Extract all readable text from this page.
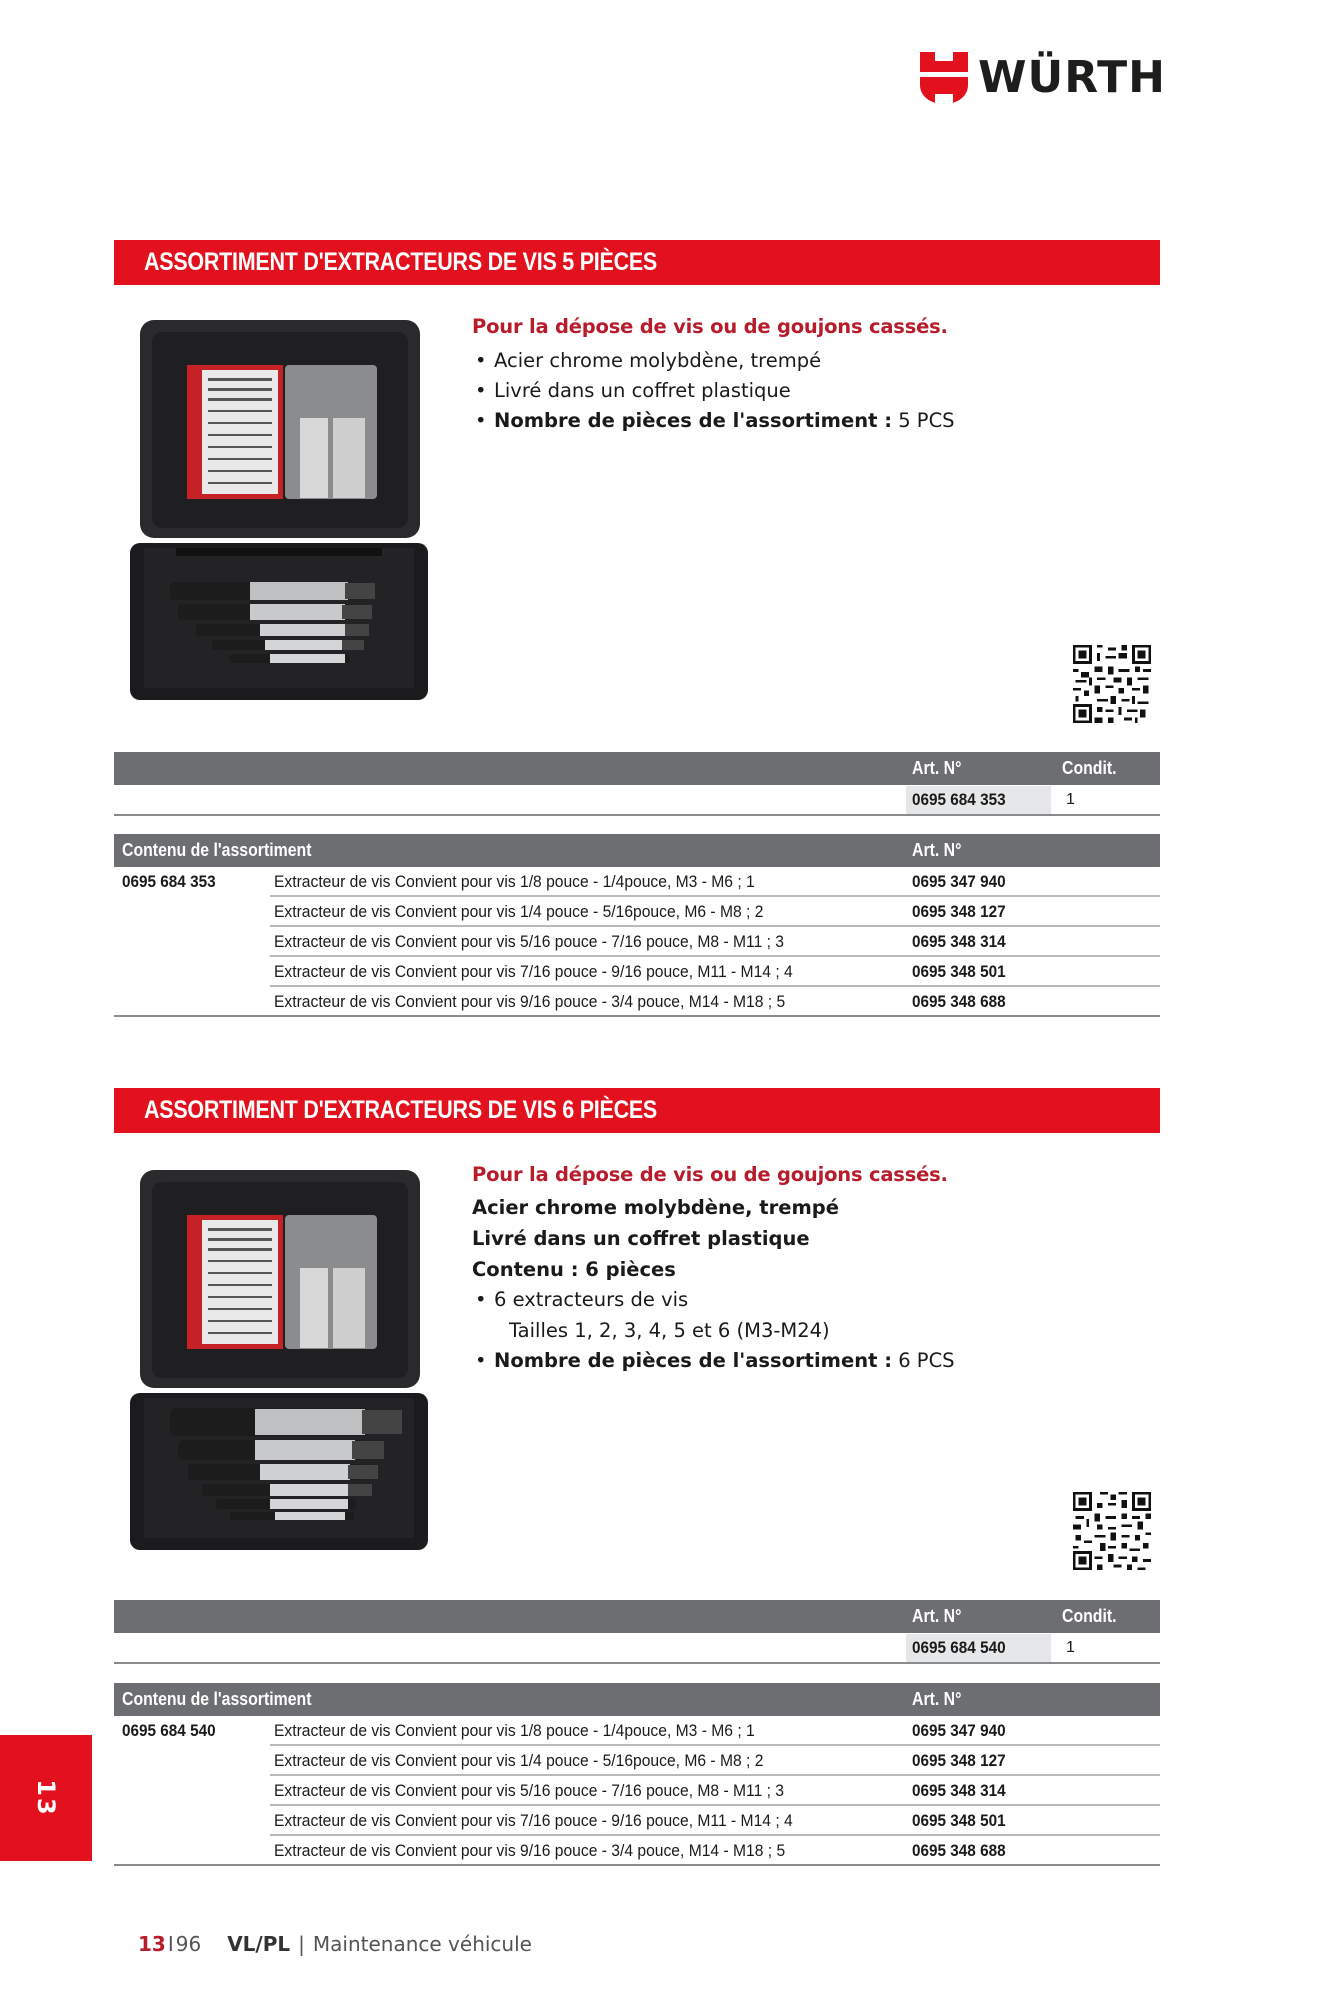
WÜRTH
ASSORTIMENT D'EXTRACTEURS DE VIS 5 PIÈCES
Pour la dépose de vis ou de goujons cassés.
• Acier chrome molybdène, trempé
• Livré dans un coffret plastique
• Nombre de pièces de l'assortiment : 5 PCS
Art. N°	Condit.
0695 684 353	1
Contenu de l'assortiment	Art. N°
0695 684 353	Extracteur de vis Convient pour vis 1/8 pouce - 1/4pouce, M3 - M6 ; 1	0695 347 940
Extracteur de vis Convient pour vis 1/4 pouce - 5/16pouce, M6 - M8 ; 2	0695 348 127
Extracteur de vis Convient pour vis 5/16 pouce - 7/16 pouce, M8 - M11 ; 3	0695 348 314
Extracteur de vis Convient pour vis 7/16 pouce - 9/16 pouce, M11 - M14 ; 4	0695 348 501
Extracteur de vis Convient pour vis 9/16 pouce - 3/4 pouce, M14 - M18 ; 5	0695 348 688
ASSORTIMENT D'EXTRACTEURS DE VIS 6 PIÈCES
Pour la dépose de vis ou de goujons cassés.
Acier chrome molybdène, trempé
Livré dans un coffret plastique
Contenu : 6 pièces
• 6 extracteurs de vis
Tailles 1, 2, 3, 4, 5 et 6 (M3-M24)
• Nombre de pièces de l'assortiment : 6 PCS
Art. N°	Condit.
0695 684 540	1
Contenu de l'assortiment	Art. N°
0695 684 540	Extracteur de vis Convient pour vis 1/8 pouce - 1/4pouce, M3 - M6 ; 1	0695 347 940
Extracteur de vis Convient pour vis 1/4 pouce - 5/16pouce, M6 - M8 ; 2	0695 348 127
Extracteur de vis Convient pour vis 5/16 pouce - 7/16 pouce, M8 - M11 ; 3	0695 348 314
Extracteur de vis Convient pour vis 7/16 pouce - 9/16 pouce, M11 - M14 ; 4	0695 348 501
Extracteur de vis Convient pour vis 9/16 pouce - 3/4 pouce, M14 - M18 ; 5	0695 348 688
13
13 I 96 VL/PL | Maintenance véhicule
